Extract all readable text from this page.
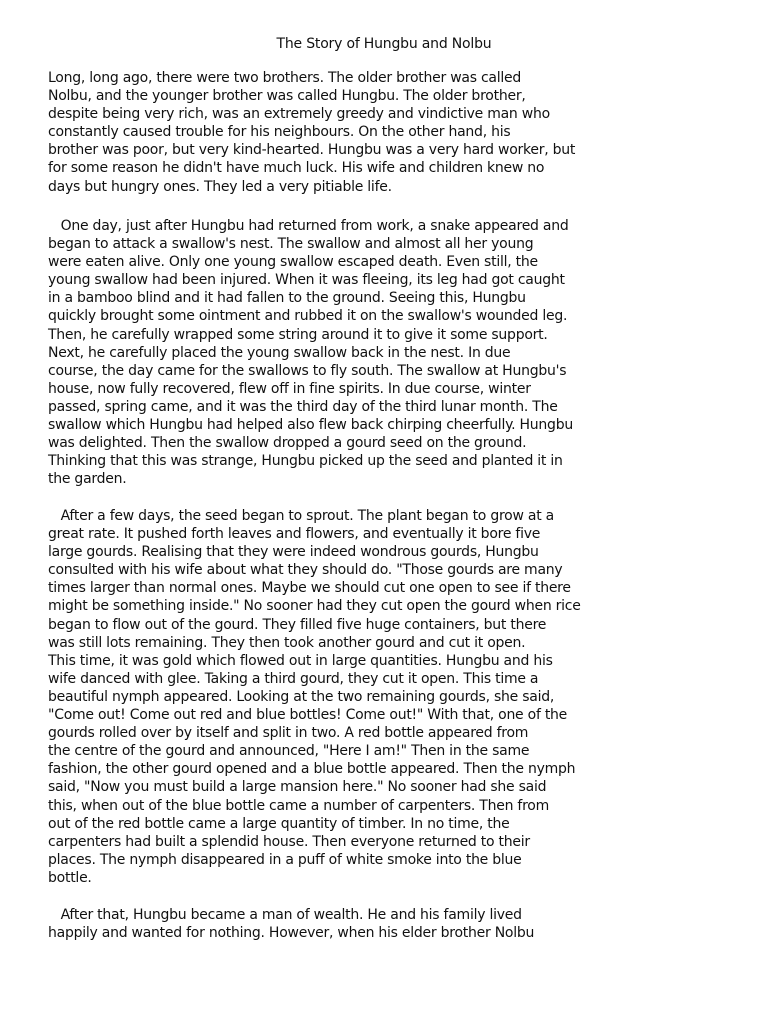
The Story of Hungbu and Nolbu
Long, long ago, there were two brothers. The older brother was called
Nolbu, and the younger brother was called Hungbu. The older brother,
despite being very rich, was an extremely greedy and vindictive man who
constantly caused trouble for his neighbours. On the other hand, his
brother was poor, but very kind-hearted. Hungbu was a very hard worker, but
for some reason he didn't have much luck. His wife and children knew no
days but hungry ones. They led a very pitiable life.
One day, just after Hungbu had returned from work, a snake appeared and
began to attack a swallow's nest. The swallow and almost all her young
were eaten alive. Only one young swallow escaped death. Even still, the
young swallow had been injured. When it was fleeing, its leg had got caught
in a bamboo blind and it had fallen to the ground. Seeing this, Hungbu
quickly brought some ointment and rubbed it on the swallow's wounded leg.
Then, he carefully wrapped some string around it to give it some support.
Next, he carefully placed the young swallow back in the nest. In due
course, the day came for the swallows to fly south. The swallow at Hungbu's
house, now fully recovered, flew off in fine spirits. In due course, winter
passed, spring came, and it was the third day of the third lunar month. The
swallow which Hungbu had helped also flew back chirping cheerfully. Hungbu
was delighted. Then the swallow dropped a gourd seed on the ground.
Thinking that this was strange, Hungbu picked up the seed and planted it in
the garden.
After a few days, the seed began to sprout. The plant began to grow at a
great rate. It pushed forth leaves and flowers, and eventually it bore five
large gourds. Realising that they were indeed wondrous gourds, Hungbu
consulted with his wife about what they should do. "Those gourds are many
times larger than normal ones. Maybe we should cut one open to see if there
might be something inside." No sooner had they cut open the gourd when rice
began to flow out of the gourd. They filled five huge containers, but there
was still lots remaining. They then took another gourd and cut it open.
This time, it was gold which flowed out in large quantities. Hungbu and his
wife danced with glee. Taking a third gourd, they cut it open. This time a
beautiful nymph appeared. Looking at the two remaining gourds, she said,
"Come out! Come out red and blue bottles! Come out!" With that, one of the
gourds rolled over by itself and split in two. A red bottle appeared from
the centre of the gourd and announced, "Here I am!" Then in the same
fashion, the other gourd opened and a blue bottle appeared. Then the nymph
said, "Now you must build a large mansion here." No sooner had she said
this, when out of the blue bottle came a number of carpenters. Then from
out of the red bottle came a large quantity of timber. In no time, the
carpenters had built a splendid house. Then everyone returned to their
places. The nymph disappeared in a puff of white smoke into the blue
bottle.
After that, Hungbu became a man of wealth. He and his family lived
happily and wanted for nothing. However, when his elder brother Nolbu
